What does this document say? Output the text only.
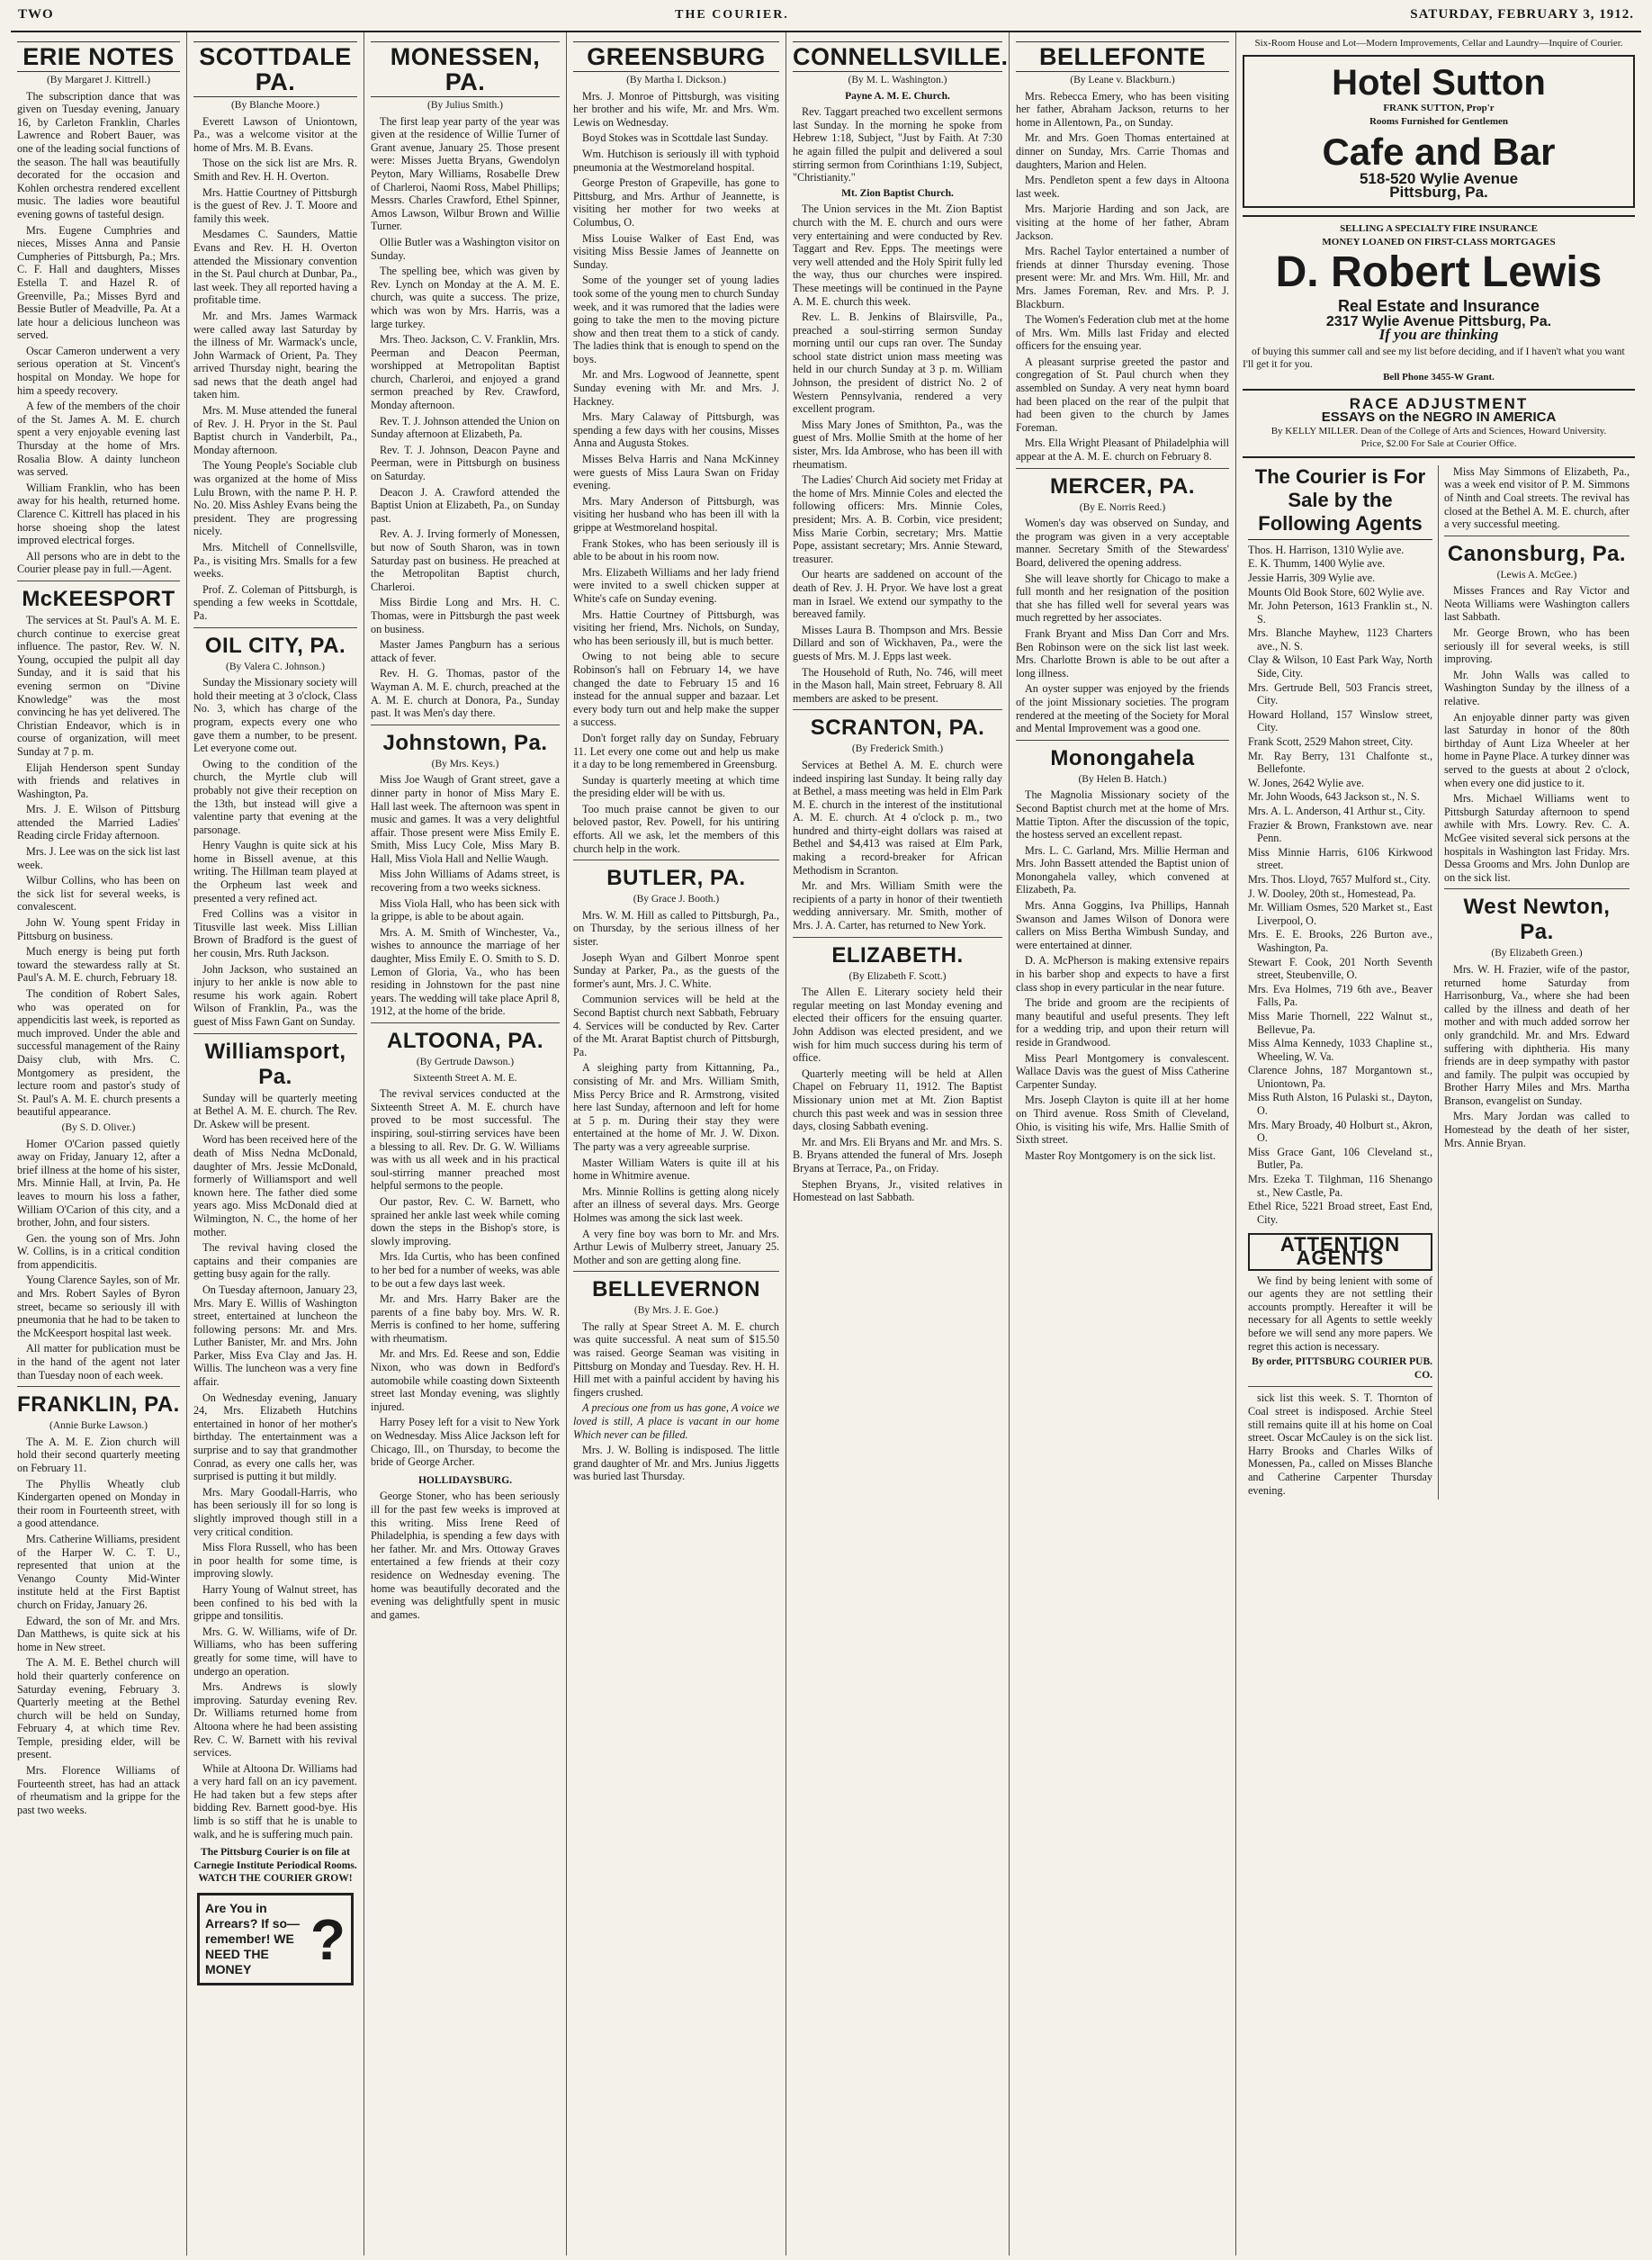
TWO	THE COURIER.	SATURDAY, FEBRUARY 3, 1912.
ERIE NOTES
(By Margaret J. Kittrell.)

The subscription dance that was given on Tuesday evening, January 16, by Carleton Franklin, Charles Lawrence and Robert Bauer, was one of the leading social functions of the season. The hall was beautifully decorated for the occasion and Kohlen orchestra rendered excellent music. The ladies wore beautiful evening gowns of tasteful design.

Mrs. Eugene Cumphries and nieces, Misses Anna and Pansie Cumpheries of Pittsburgh, Pa.; Mrs. C. F. Hall and daughters, Misses Estella T. and Hazel R. of Greenville, Pa.; Misses Byrd and Bessie Butler of Meadville, Pa. At a late hour a delicious luncheon was served.

Oscar Cameron underwent a very serious operation at St. Vincent's hospital on Monday. We hope for him a speedy recovery.

A few of the members of the choir of the St. James A. M. E. church spent a very enjoyable evening last Thursday at the home of Mrs. Rosalia Blow. A dainty luncheon was served.

William Franklin, who has been away for his health, returned home. Clarence C. Kittrell has placed in his horse shoeing shop the latest improved electrical forges.

All persons who are in debt to the Courier please pay in full.—Agent.

McKEESPORT

The services at St. Paul's A. M. E. church continue to exercise great influence. The pastor, Rev. W. N. Young, occupied the pulpit all day Sunday, and it is said that his evening sermon on "Divine Knowledge" was the most convincing he has yet delivered. The Christian Endeavor, which is in course of organization, will meet Sunday at 7 p. m.

Elijah Henderson spent Sunday with friends and relatives in Washington, Pa.

Mrs. J. E. Wilson of Pittsburg attended the Married Ladies' Reading circle Friday afternoon.

Mrs. J. Lee was on the sick list last week.

Wilbur Collins, who has been on the sick list for several weeks, is convalescent.

John W. Young spent Friday in Pittsburg on business.

Much energy is being put forth toward the stewardess rally at St. Paul's A. M. E. church, February 18.

The condition of Robert Sales, who was operated on for appendicitis last week, is reported as much improved. Under the able and successful management of the Rainy Daisy club, with Mrs. C. Montgomery as president, the lecture room and pastor's study of St. Paul's A. M. E. church presents a beautiful appearance.

(By S. D. Oliver.)

Homer O'Carion passed quietly away on Friday, January 12, after a brief illness at the home of his sister, Mrs. Minnie Hall, at Irvin, Pa. He leaves to mourn his loss a father, William O'Carion of this city, and a brother, John, and four sisters.

Gen. the young son of Mrs. John W. Collins, is in a critical condition from appendicitis.

Young Clarence Sayles, son of Mr. and Mrs. Robert Sayles of Byron street, became so seriously ill with pneumonia that he had to be taken to the McKeesport hospital last week.

All matter for publication must be in the hand of the agent not later than Tuesday noon of each week.

FRANKLIN, PA.
(Annie Burke Lawson.)

The A. M. E. Zion church will hold their second quarterly meeting on February 11.

The Phyllis Wheatly club Kindergarten opened on Monday in their room in Fourteenth street, with a good attendance.

Mrs. Catherine Williams, president of the Harper W. C. T. U., represented that union at the Venango County Mid-Winter institute held at the First Baptist church on Friday, January 26.

Edward, the son of Mr. and Mrs. Dan Matthews, is quite sick at his home in New street.

The A. M. E. Bethel church will hold their quarterly conference on Saturday evening, February 3. Quarterly meeting at the Bethel church will be held on Sunday, February 4, at which time Rev. Temple, presiding elder, will be present.

Mrs. Florence Williams of Fourteenth street, has had an attack of rheumatism and la grippe for the past two weeks.

SCOTTDALE PA.
(By Blanche Moore.)

Everett Lawson of Uniontown, Pa., was a welcome visitor at the home of Mrs. M. B. Evans.

Those on the sick list are Mrs. R. Smith and Rev. H. H. Overton.

Mrs. Hattie Courtney of Pittsburgh is the guest of Rev. J. T. Moore and family this week.

Mesdames C. Saunders, Mattie Evans and Rev. H. H. Overton attended the Missionary convention in the St. Paul church at Dunbar, Pa., last week. They all reported having a profitable time.

Mr. and Mrs. James Warmack were called away last Saturday by the illness of Mr. Warmack's uncle, John Warmack of Orient, Pa. They arrived Thursday night, bearing the sad news that the death angel had taken him.

Mrs. M. Muse attended the funeral of Rev. J. H. Pryor in the St. Paul Baptist church in Vanderbilt, Pa., Monday afternoon.

The Young People's Sociable club was organized at the home of Miss Lulu Brown, with the name P. H. P. No. 20. Miss Ashley Evans being the president. They are progressing nicely.

Mrs. Mitchell of Connellsville, Pa., is visiting Mrs. Smalls for a few weeks.

Prof. Z. Coleman of Pittsburgh, is spending a few weeks in Scottdale, Pa.

OIL CITY, PA.
(By Valera C. Johnson.)

Sunday the Missionary society will hold their meeting at 3 o'clock, Class No. 3, which has charge of the program, expects every one who gave them a number, to be present. Let everyone come out.

Owing to the condition of the church, the Myrtle club will probably not give their reception on the 13th, but instead will give a valentine party that evening at the parsonage.

Henry Vaughn is quite sick at his home in Bissell avenue, at this writing. The Hillman team played at the Orpheum last week and presented a very refined act.

Fred Collins was a visitor in Titusville last week. Miss Lillian Brown of Bradford is the guest of her cousin, Mrs. Ruth Jackson.

John Jackson, who sustained an injury to her ankle is now able to resume his work again. Robert Wilson of Franklin, Pa., was the guest of Miss Fawn Gant on Sunday.

Williamsport, Pa.

Sunday will be quarterly meeting at Bethel A. M. E. church. The Rev. Dr. Askew will be present.

Word has been received here of the death of Miss Nedna McDonald, daughter of Mrs. Jessie McDonald, formerly of Williamsport and well known here. The father died some years ago. Miss McDonald died at Wilmington, N. C., the home of her mother.

The revival having closed the captains and their companies are getting busy again for the rally.

On Tuesday afternoon, January 23, Mrs. Mary E. Willis of Washington street, entertained at luncheon the following persons: Mr. and Mrs. Luther Banister, Mr. and Mrs. John Parker, Miss Eva Clay and Jas. H. Willis. The luncheon was a very fine affair.

On Wednesday evening, January 24, Mrs. Elizabeth Hutchins entertained in honor of her mother's birthday. The entertainment was a surprise and to say that grandmother Conrad, as every one calls her, was surprised is putting it but mildly.

Mrs. Mary Goodall-Harris, who has been seriously ill for so long is slightly improved though still in a very critical condition.

Miss Flora Russell, who has been in poor health for some time, is improving slowly.

Harry Young of Walnut street, has been confined to his bed with la grippe and tonsilitis.

Mrs. G. W. Williams, wife of Dr. Williams, who has been suffering greatly for some time, will have to undergo an operation.

Mrs. Andrews is slowly improving. Saturday evening Rev. Dr. Williams returned home from Altoona where he had been assisting Rev. C. W. Barnett with his revival services.

While at Altoona Dr. Williams had a very hard fall on an icy pavement. He had taken but a few steps after bidding Rev. Barnett good-bye. His limb is so stiff that he is unable to walk, and he is suffering much pain.

The Pittsburg Courier is on file at Carnegie Institute Periodical Rooms. WATCH THE COURIER GROW!
Are You in Arrears? If so—remember! WE NEED THE MONEY	?
MONESSEN, PA.
(By Julius Smith.)

The first leap year party of the year was given at the residence of Willie Turner of Grant avenue, January 25. Those present were: Misses Juetta Bryans, Gwendolyn Peyton, Mary Williams, Rosabelle Drew of Charleroi, Naomi Ross, Mabel Phillips; Messrs. Charles Crawford, Ethel Spinner, Amos Lawson, Wilbur Brown and Willie Turner.

Ollie Butler was a Washington visitor on Sunday.

The spelling bee, which was given by Rev. Lynch on Monday at the A. M. E. church, was quite a success. The prize, which was won by Mrs. Harris, was a large turkey.

Mrs. Theo. Jackson, C. V. Franklin, Mrs. Peerman and Deacon Peerman, worshipped at Metropolitan Baptist church, Charleroi, and enjoyed a grand sermon preached by Rev. Crawford, Monday afternoon.

Rev. T. J. Johnson attended the Union on Sunday afternoon at Elizabeth, Pa.

Rev. T. J. Johnson, Deacon Payne and Peerman, were in Pittsburgh on business on Saturday.

Deacon J. A. Crawford attended the Baptist Union at Elizabeth, Pa., on Sunday past.

Rev. A. J. Irving formerly of Monessen, but now of South Sharon, was in town Saturday past on business. He preached at the Metropolitan Baptist church, Charleroi.

Miss Birdie Long and Mrs. H. C. Thomas, were in Pittsburgh the past week on business.

Master James Pangburn has a serious attack of fever.

Rev. H. G. Thomas, pastor of the Wayman A. M. E. church, preached at the A. M. E. church at Donora, Pa., Sunday past. It was Men's day there.

Johnstown, Pa.
(By Mrs. Keys.)

Miss Joe Waugh of Grant street, gave a dinner party in honor of Miss Mary E. Hall last week. The afternoon was spent in music and games. It was a very delightful affair. Those present were Miss Emily E. Smith, Miss Lucy Cole, Miss Mary B. Hall, Miss Viola Hall and Nellie Waugh.

Miss John Williams of Adams street, is recovering from a two weeks sickness.

Miss Viola Hall, who has been sick with la grippe, is able to be about again.

Mrs. A. M. Smith of Winchester, Va., wishes to announce the marriage of her daughter, Miss Emily E. O. Smith to S. D. Lemon of Gloria, Va., who has been residing in Johnstown for the past nine years. The wedding will take place April 8, 1912, at the home of the bride.

ALTOONA, PA.
(By Gertrude Dawson.)
Sixteenth Street A. M. E.

The revival services conducted at the Sixteenth Street A. M. E. church have proved to be most successful. The inspiring, soul-stirring services have been a blessing to all. Rev. Dr. G. W. Williams was with us all week and in his practical soul-stirring manner preached most helpful sermons to the people.

Our pastor, Rev. C. W. Barnett, who sprained her ankle last week while coming down the steps in the Bishop's store, is slowly improving.

Mrs. Ida Curtis, who has been confined to her bed for a number of weeks, was able to be out a few days last week.

Mr. and Mrs. Harry Baker are the parents of a fine baby boy. Mrs. W. R. Merris is confined to her home, suffering with rheumatism.

Mr. and Mrs. Ed. Reese and son, Eddie Nixon, who was down in Bedford's automobile while coasting down Sixteenth street last Monday evening, was slightly injured.

Harry Posey left for a visit to New York on Wednesday. Miss Alice Jackson left for Chicago, Ill., on Thursday, to become the bride of George Archer.

HOLLIDAYSBURG.

George Stoner, who has been seriously ill for the past few weeks is improved at this writing. Miss Irene Reed of Philadelphia, is spending a few days with her father. Mr. and Mrs. Ottoway Graves entertained a few friends at their cozy residence on Wednesday evening. The home was beautifully decorated and the evening was delightfully spent in music and games.

GREENSBURG
(By Martha I. Dickson.)

Mrs. J. Monroe of Pittsburgh, was visiting her brother and his wife, Mr. and Mrs. Wm. Lewis on Wednesday.

Boyd Stokes was in Scottdale last Sunday.

Wm. Hutchison is seriously ill with typhoid pneumonia at the Westmoreland hospital.

George Preston of Grapeville, has gone to Pittsburg, and Mrs. Arthur of Jeannette, is visiting her mother for two weeks at Columbus, O.

Miss Louise Walker of East End, was visiting Miss Bessie James of Jeannette on Sunday.

Some of the younger set of young ladies took some of the young men to church Sunday week, and it was rumored that the ladies were going to take the men to the moving picture show and then treat them to a stick of candy. The ladies think that is enough to spend on the boys.

Mr. and Mrs. Logwood of Jeannette, spent Sunday evening with Mr. and Mrs. J. Hackney.

Mrs. Mary Calaway of Pittsburgh, was spending a few days with her cousins, Misses Anna and Augusta Stokes.

Misses Belva Harris and Nana McKinney were guests of Miss Laura Swan on Friday evening.

Mrs. Mary Anderson of Pittsburgh, was visiting her husband who has been ill with la grippe at Westmoreland hospital.

Frank Stokes, who has been seriously ill is able to be about in his room now.

Mrs. Elizabeth Williams and her lady friend were invited to a swell chicken supper at White's cafe on Sunday evening.

Mrs. Hattie Courtney of Pittsburgh, was visiting her friend, Mrs. Nichols, on Sunday, who has been seriously ill, but is much better.

Owing to not being able to secure Robinson's hall on February 14, we have changed the date to February 15 and 16 instead for the annual supper and bazaar. Let every body turn out and help make the supper a success.

Don't forget rally day on Sunday, February 11. Let every one come out and help us make it a day to be long remembered in Greensburg.

Sunday is quarterly meeting at which time the presiding elder will be with us.

Too much praise cannot be given to our beloved pastor, Rev. Powell, for his untiring efforts. All we ask, let the members of this church help in the work.

BUTLER, PA.
(By Grace J. Booth.)

Mrs. W. M. Hill as called to Pittsburgh, Pa., on Thursday, by the serious illness of her sister.

Joseph Wyan and Gilbert Monroe spent Sunday at Parker, Pa., as the guests of the former's aunt, Mrs. J. C. White.

Communion services will be held at the Second Baptist church next Sabbath, February 4. Services will be conducted by Rev. Carter of the Mt. Ararat Baptist church of Pittsburgh, Pa.

A sleighing party from Kittanning, Pa., consisting of Mr. and Mrs. William Smith, Miss Percy Brice and R. Armstrong, visited here last Sunday, afternoon and left for home at 5 p. m. During their stay they were entertained at the home of Mr. J. W. Dixon. The party was a very agreeable surprise.

Master William Waters is quite ill at his home in Whitmire avenue.

Mrs. Minnie Rollins is getting along nicely after an illness of several days. Mrs. George Holmes was among the sick last week.

A very fine boy was born to Mr. and Mrs. Arthur Lewis of Mulberry street, January 25. Mother and son are getting along fine.

BELLEVERNON
(By Mrs. J. E. Goe.)

The rally at Spear Street A. M. E. church was quite successful. A neat sum of $15.50 was raised. George Seaman was visiting in Pittsburg on Monday and Tuesday. Rev. H. H. Hill met with a painful accident by having his fingers crushed.

A precious one from us has gone, A voice we loved is still, A place is vacant in our home Which never can be filled.

Mrs. J. W. Bolling is indisposed. The little grand daughter of Mr. and Mrs. Junius Jiggetts was buried last Thursday.

CONNELLSVILLE.
(By M. L. Washington.)
Payne A. M. E. Church.

Rev. Taggart preached two excellent sermons last Sunday. In the morning he spoke from Hebrew 1:18, Subject, "Just by Faith. At 7:30 he again filled the pulpit and delivered a soul stirring sermon from Corinthians 1:19, Subject, "Christianity."

Mt. Zion Baptist Church.

The Union services in the Mt. Zion Baptist church with the M. E. church and ours were very entertaining and were conducted by Rev. Taggart and Rev. Epps. The meetings were very well attended and the Holy Spirit fully led the way, thus our churches were inspired. These meetings will be continued in the Payne A. M. E. church this week.

Rev. L. B. Jenkins of Blairsville, Pa., preached a soul-stirring sermon Sunday morning until our cups ran over. The Sunday school state district union mass meeting was held in our church Sunday at 3 p. m. William Johnson, the president of district No. 2 of Western Pennsylvania, rendered a very excellent program.

Miss Mary Jones of Smithton, Pa., was the guest of Mrs. Mollie Smith at the home of her sister, Mrs. Ida Ambrose, who has been ill with rheumatism.

The Ladies' Church Aid society met Friday at the home of Mrs. Minnie Coles and elected the following officers: Mrs. Minnie Coles, president; Mrs. A. B. Corbin, vice president; Miss Marie Corbin, secretary; Mrs. Mattie Pope, assistant secretary; Mrs. Annie Steward, treasurer.

Our hearts are saddened on account of the death of Rev. J. H. Pryor. We have lost a great man in Israel. We extend our sympathy to the bereaved family.

Misses Laura B. Thompson and Mrs. Bessie Dillard and son of Wickhaven, Pa., were the guests of Mrs. M. J. Epps last week.

The Household of Ruth, No. 746, will meet in the Mason hall, Main street, February 8. All members are asked to be present.

SCRANTON, PA.
(By Frederick Smith.)

Services at Bethel A. M. E. church were indeed inspiring last Sunday. It being rally day at Bethel, a mass meeting was held in Elm Park M. E. church in the interest of the institutional A. M. E. church. At 4 o'clock p. m., two hundred and thirty-eight dollars was raised at Bethel and $4,413 was raised at Elm Park, making a record-breaker for African Methodism in Scranton.

Mr. and Mrs. William Smith were the recipients of a party in honor of their twentieth wedding anniversary. Mr. Smith, mother of Mrs. J. A. Carter, has returned to New York.

ELIZABETH.
(By Elizabeth F. Scott.)

The Allen E. Literary society held their regular meeting on last Monday evening and elected their officers for the ensuing quarter. John Addison was elected president, and we wish for him much success during his term of office.

Quarterly meeting will be held at Allen Chapel on February 11, 1912. The Baptist Missionary union met at Mt. Zion Baptist church this past week and was in session three days, closing Sabbath evening.

Mr. and Mrs. Eli Bryans and Mr. and Mrs. S. B. Bryans attended the funeral of Mrs. Joseph Bryans at Terrace, Pa., on Friday.

Stephen Bryans, Jr., visited relatives in Homestead on last Sabbath.

BELLEFONTE
(By Leane v. Blackburn.)

Mrs. Rebecca Emery, who has been visiting her father, Abraham Jackson, returns to her home in Allentown, Pa., on Sunday.

Mr. and Mrs. Goen Thomas entertained at dinner on Sunday, Mrs. Carrie Thomas and daughters, Marion and Helen.

Mrs. Pendleton spent a few days in Altoona last week.

Mrs. Marjorie Harding and son Jack, are visiting at the home of her father, Abram Jackson.

Mrs. Rachel Taylor entertained a number of friends at dinner Thursday evening. Those present were: Mr. and Mrs. Wm. Hill, Mr. and Mrs. James Foreman, Rev. and Mrs. P. J. Blackburn.

The Women's Federation club met at the home of Mrs. Wm. Mills last Friday and elected officers for the ensuing year.

A pleasant surprise greeted the pastor and congregation of St. Paul church when they assembled on Sunday. A very neat hymn board had been placed on the rear of the pulpit that had been given to the church by James Foreman.

Mrs. Ella Wright Pleasant of Philadelphia will appear at the A. M. E. church on February 8.

MERCER, PA.
(By E. Norris Reed.)

Women's day was observed on Sunday, and the program was given in a very acceptable manner. Secretary Smith of the Stewardess' Board, delivered the opening address.

She will leave shortly for Chicago to make a full month and her resignation of the position that she has filled well for several years was much regretted by her associates.

Frank Bryant and Miss Dan Corr and Mrs. Ben Robinson were on the sick list last week. Mrs. Charlotte Brown is able to be out after a long illness.

An oyster supper was enjoyed by the friends of the joint Missionary societies. The program rendered at the meeting of the Society for Moral and Mental Improvement was a good one.

Monongahela
(By Helen B. Hatch.)

The Magnolia Missionary society of the Second Baptist church met at the home of Mrs. Mattie Tipton. After the discussion of the topic, the hostess served an excellent repast.

Mrs. L. C. Garland, Mrs. Millie Herman and Mrs. John Bassett attended the Baptist union of Monongahela valley, which convened at Elizabeth, Pa.

Mrs. Anna Goggins, Iva Phillips, Hannah Swanson and James Wilson of Donora were callers on Miss Bertha Wimbush Sunday, and were entertained at dinner.

D. A. McPherson is making extensive repairs in his barber shop and expects to have a first class shop in every particular in the near future.

The bride and groom are the recipients of many beautiful and useful presents. They left for a wedding trip, and upon their return will reside in Grandwood.

Miss Pearl Montgomery is convalescent. Wallace Davis was the guest of Miss Catherine Carpenter Sunday.

Mrs. Joseph Clayton is quite ill at her home on Third avenue. Ross Smith of Cleveland, Ohio, is visiting his wife, Mrs. Hallie Smith of Sixth street.

Master Roy Montgomery is on the sick list.

Six-Room House and Lot—Modern Improvements, Cellar and Laundry—Inquire of Courier.
Hotel Sutton
FRANK SUTTON, Prop'r
Rooms Furnished for Gentlemen
Cafe and Bar
518-520 Wylie Avenue
Pittsburg, Pa.
SELLING A SPECIALTY FIRE INSURANCE
MONEY LOANED ON FIRST-CLASS MORTGAGES
D. Robert Lewis
Real Estate and Insurance
2317 Wylie Avenue Pittsburg, Pa.
If you are thinking
of buying this summer call and see my list before deciding, and if I haven't what you want I'll get it for you.
Bell Phone 3455-W Grant.
RACE ADJUSTMENT
ESSAYS on the NEGRO IN AMERICA
By KELLY MILLER. Dean of the College of Arts and Sciences, Howard University.
Price, $2.00 For Sale at Courier Office.
The Courier is For Sale by the Following Agents

Thos. H. Harrison, 1310 Wylie ave.

E. K. Thumm, 1400 Wylie ave.

Jessie Harris, 309 Wylie ave.

Mounts Old Book Store, 602 Wylie ave.

Mr. John Peterson, 1613 Franklin st., N. S.

Mrs. Blanche Mayhew, 1123 Charters ave., N. S.

Clay & Wilson, 10 East Park Way, North Side, City.

Mrs. Gertrude Bell, 503 Francis street, City.

Howard Holland, 157 Winslow street, City.

Frank Scott, 2529 Mahon street, City.

Mr. Ray Berry, 131 Chalfonte st., Bellefonte.

W. Jones, 2642 Wylie ave.

Mr. John Woods, 643 Jackson st., N. S.

Mrs. A. L. Anderson, 41 Arthur st., City.

Frazier & Brown, Frankstown ave. near Penn.

Miss Minnie Harris, 6106 Kirkwood street.

Mrs. Thos. Lloyd, 7657 Mulford st., City.

J. W. Dooley, 20th st., Homestead, Pa.

Mr. William Osmes, 520 Market st., East Liverpool, O.

Mrs. E. E. Brooks, 226 Burton ave., Washington, Pa.

Stewart F. Cook, 201 North Seventh street, Steubenville, O.

Mrs. Eva Holmes, 719 6th ave., Beaver Falls, Pa.

Miss Marie Thornell, 222 Walnut st., Bellevue, Pa.

Miss Alma Kennedy, 1033 Chapline st., Wheeling, W. Va.

Clarence Johns, 187 Morgantown st., Uniontown, Pa.

Miss Ruth Alston, 16 Pulaski st., Dayton, O.

Mrs. Mary Broady, 40 Holburt st., Akron, O.

Miss Grace Gant, 106 Cleveland st., Butler, Pa.

Mrs. Ezeka T. Tilghman, 116 Shenango st., New Castle, Pa.

Ethel Rice, 5221 Broad street, East End, City.

ATTENTION AGENTS

We find by being lenient with some of our agents they are not settling their accounts promptly. Hereafter it will be necessary for all Agents to settle weekly before we will send any more papers. We regret this action is necessary.

By order, PITTSBURG COURIER PUB. CO.

sick list this week. S. T. Thornton of Coal street is indisposed. Archie Steel still remains quite ill at his home on Coal street. Oscar McCauley is on the sick list. Harry Brooks and Charles Wilks of Monessen, Pa., called on Misses Blanche and Catherine Carpenter Thursday evening.

Miss May Simmons of Elizabeth, Pa., was a week end visitor of P. M. Simmons of Ninth and Coal streets. The revival has closed at the Bethel A. M. E. church, after a very successful meeting.

Canonsburg, Pa.
(Lewis A. McGee.)

Misses Frances and Ray Victor and Neota Williams were Washington callers last Sabbath.

Mr. George Brown, who has been seriously ill for several weeks, is still improving.

Mr. John Walls was called to Washington Sunday by the illness of a relative.

An enjoyable dinner party was given last Saturday in honor of the 80th birthday of Aunt Liza Wheeler at her home in Payne Place. A turkey dinner was served to the guests at about 2 o'clock, when every one did justice to it.

Mrs. Michael Williams went to Pittsburgh Saturday afternoon to spend awhile with Mrs. Lowry. Rev. C. A. McGee visited several sick persons at the hospitals in Washington last Friday. Mrs. Dessa Grooms and Mrs. John Dunlop are on the sick list.

West Newton, Pa.
(By Elizabeth Green.)

Mrs. W. H. Frazier, wife of the pastor, returned home Saturday from Harrisonburg, Va., where she had been called by the illness and death of her mother and with much added sorrow her only grandchild. Mr. and Mrs. Edward suffering with diphtheria. His many friends are in deep sympathy with pastor and family. The pulpit was occupied by Brother Harry Miles and Mrs. Martha Branson, evangelist on Sunday.

Mrs. Mary Jordan was called to Homestead by the death of her sister, Mrs. Annie Bryan.
